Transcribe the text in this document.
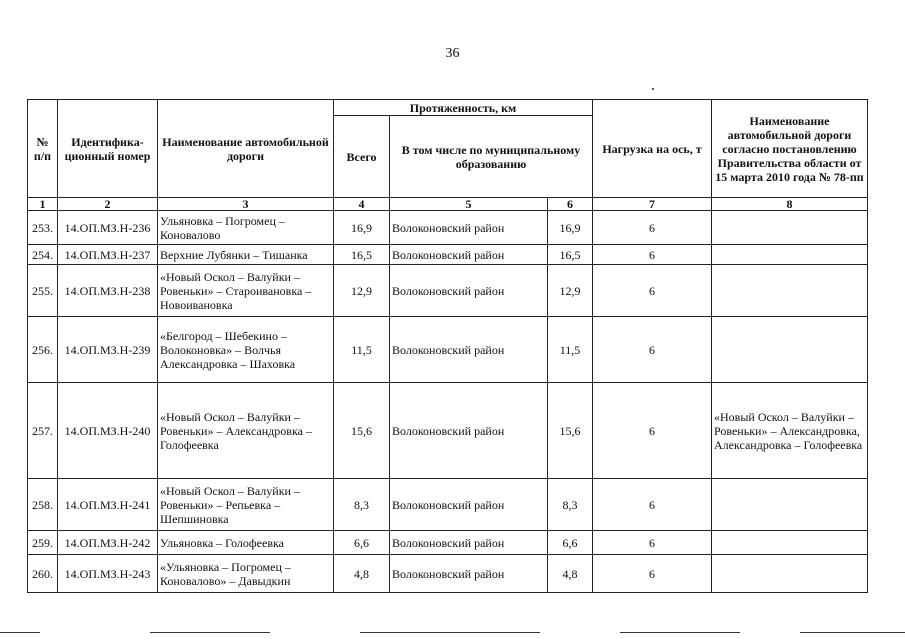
36
№ п/п	Идентифика-ционный номер	Наименование автомобильной дороги	Протяженность, км			Нагрузка на ось, т	Наименование автомобильной дороги согласно постановлению Правительства области от 15 марта 2010 года № 78-пп
			Всего	В том числе по муниципальному образованию			
1	2	3	4	5	6	7	8
253.	14.ОП.МЗ.Н-236	Ульяновка – Погромец – Коновалово	16,9	Волоконовский район	16,9	6	
254.	14.ОП.МЗ.Н-237	Верхние Лубянки – Тишанка	16,5	Волоконовский район	16,5	6	
255.	14.ОП.МЗ.Н-238	«Новый Оскол – Валуйки – Ровеньки» – Староивановка – Новоивановка	12,9	Волоконовский район	12,9	6	
256.	14.ОП.МЗ.Н-239	«Белгород – Шебекино – Волоконовка» – Волчья Александровка – Шаховка	11,5	Волоконовский район	11,5	6	
257.	14.ОП.МЗ.Н-240	«Новый Оскол – Валуйки – Ровеньки» – Александровка – Голофеевка	15,6	Волоконовский район	15,6	6	«Новый Оскол – Валуйки – Ровеньки» – Александровка, Александровка – Голофеевка
258.	14.ОП.МЗ.Н-241	«Новый Оскол – Валуйки – Ровеньки» – Репьевка – Шепшиновка	8,3	Волоконовский район	8,3	6	
259.	14.ОП.МЗ.Н-242	Ульяновка – Голофеевка	6,6	Волоконовский район	6,6	6	
260.	14.ОП.МЗ.Н-243	«Ульяновка – Погромец – Коновалово» – Давыдкин	4,8	Волоконовский район	4,8	6	
